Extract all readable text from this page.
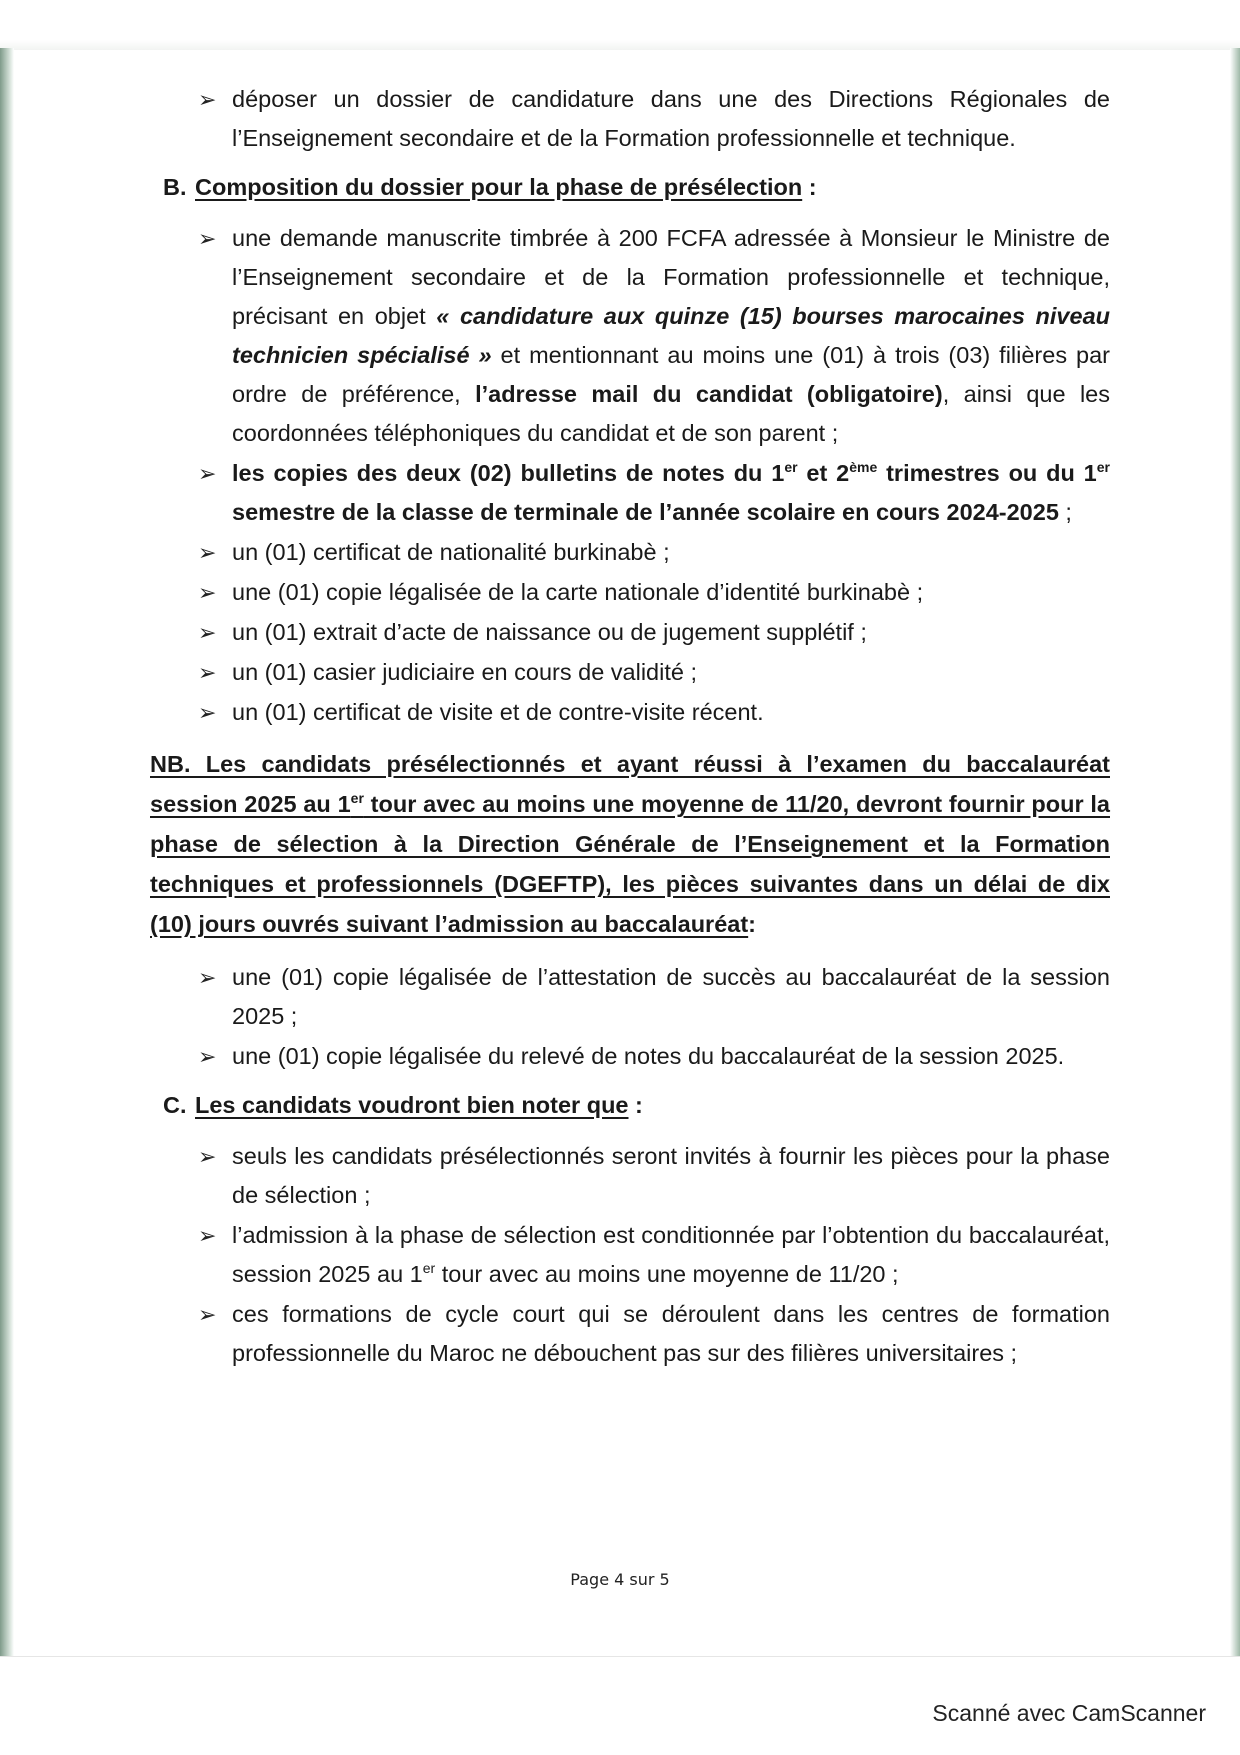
➢ déposer un dossier de candidature dans une des Directions Régionales de l’Enseignement secondaire et de la Formation professionnelle et technique.

B. Composition du dossier pour la phase de présélection :

➢ une demande manuscrite timbrée à 200 FCFA adressée à Monsieur le Ministre de l’Enseignement secondaire et de la Formation professionnelle et technique, précisant en objet « candidature aux quinze (15) bourses marocaines niveau technicien spécialisé » et mentionnant au moins une (01) à trois (03) filières par ordre de préférence, l’adresse mail du candidat (obligatoire), ainsi que les coordonnées téléphoniques du candidat et de son parent ;

➢ les copies des deux (02) bulletins de notes du 1er et 2ème trimestres ou du 1er semestre de la classe de terminale de l’année scolaire en cours 2024-2025 ;

➢ un (01) certificat de nationalité burkinabè ;

➢ une (01) copie légalisée de la carte nationale d’identité burkinabè ;

➢ un (01) extrait d’acte de naissance ou de jugement supplétif ;

➢ un (01) casier judiciaire en cours de validité ;

➢ un (01) certificat de visite et de contre-visite récent.

NB. Les candidats présélectionnés et ayant réussi à l’examen du baccalauréat session 2025 au 1er tour avec au moins une moyenne de 11/20, devront fournir pour la phase de sélection à la Direction Générale de l’Enseignement et la Formation techniques et professionnels (DGEFTP), les pièces suivantes dans un délai de dix (10) jours ouvrés suivant l’admission au baccalauréat:

➢ une (01) copie légalisée de l’attestation de succès au baccalauréat de la session 2025 ;

➢ une (01) copie légalisée du relevé de notes du baccalauréat de la session 2025.

C. Les candidats voudront bien noter que :

➢ seuls les candidats présélectionnés seront invités à fournir les pièces pour la phase de sélection ;

➢ l’admission à la phase de sélection est conditionnée par l’obtention du baccalauréat, session 2025 au 1er tour avec au moins une moyenne de 11/20 ;

➢ ces formations de cycle court qui se déroulent dans les centres de formation professionnelle du Maroc ne débouchent pas sur des filières universitaires ;

Page 4 sur 5
Scanné avec CamScanner
